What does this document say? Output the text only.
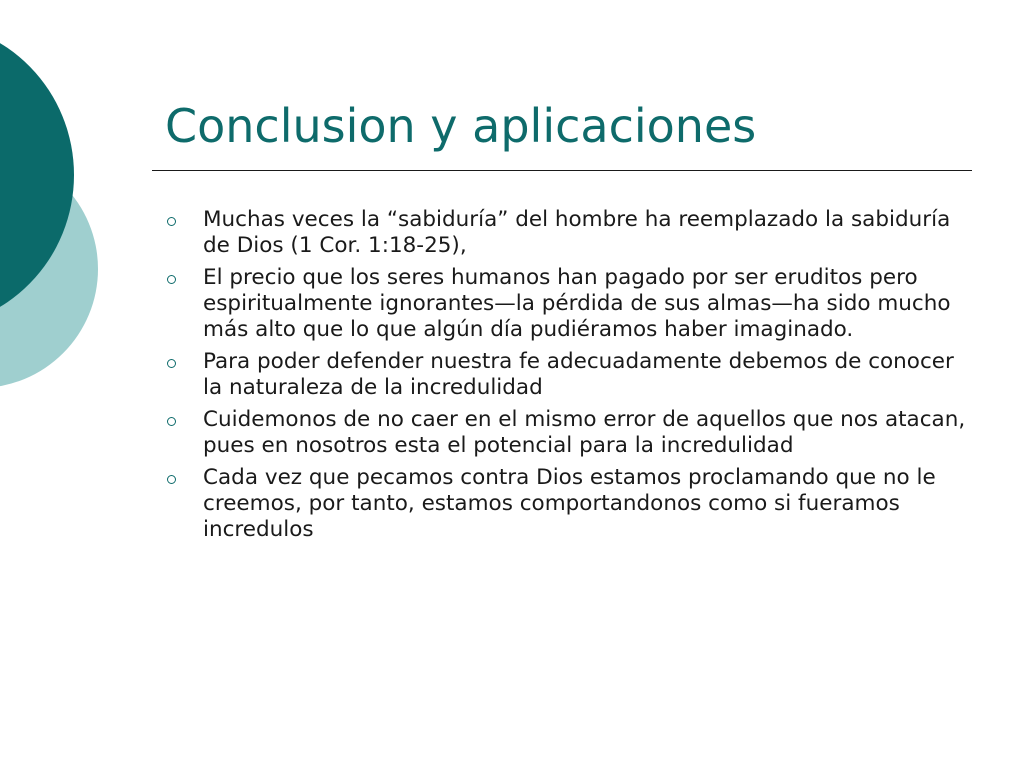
Conclusion y aplicaciones
Muchas veces la “sabiduría” del hombre ha reemplazado la sabiduría de Dios (1 Cor. 1:18-25),
El precio que los seres humanos han pagado por ser eruditos pero espiritualmente ignorantes—la pérdida de sus almas—ha sido mucho más alto que lo que algún día pudiéramos haber imaginado.
Para poder defender nuestra fe adecuadamente debemos de conocer la naturaleza de la incredulidad
Cuidemonos de no caer en el mismo error de aquellos que nos atacan, pues en nosotros esta el potencial para la incredulidad
Cada vez que pecamos contra Dios estamos proclamando que no le creemos, por tanto, estamos comportandonos como si fueramos incredulos
